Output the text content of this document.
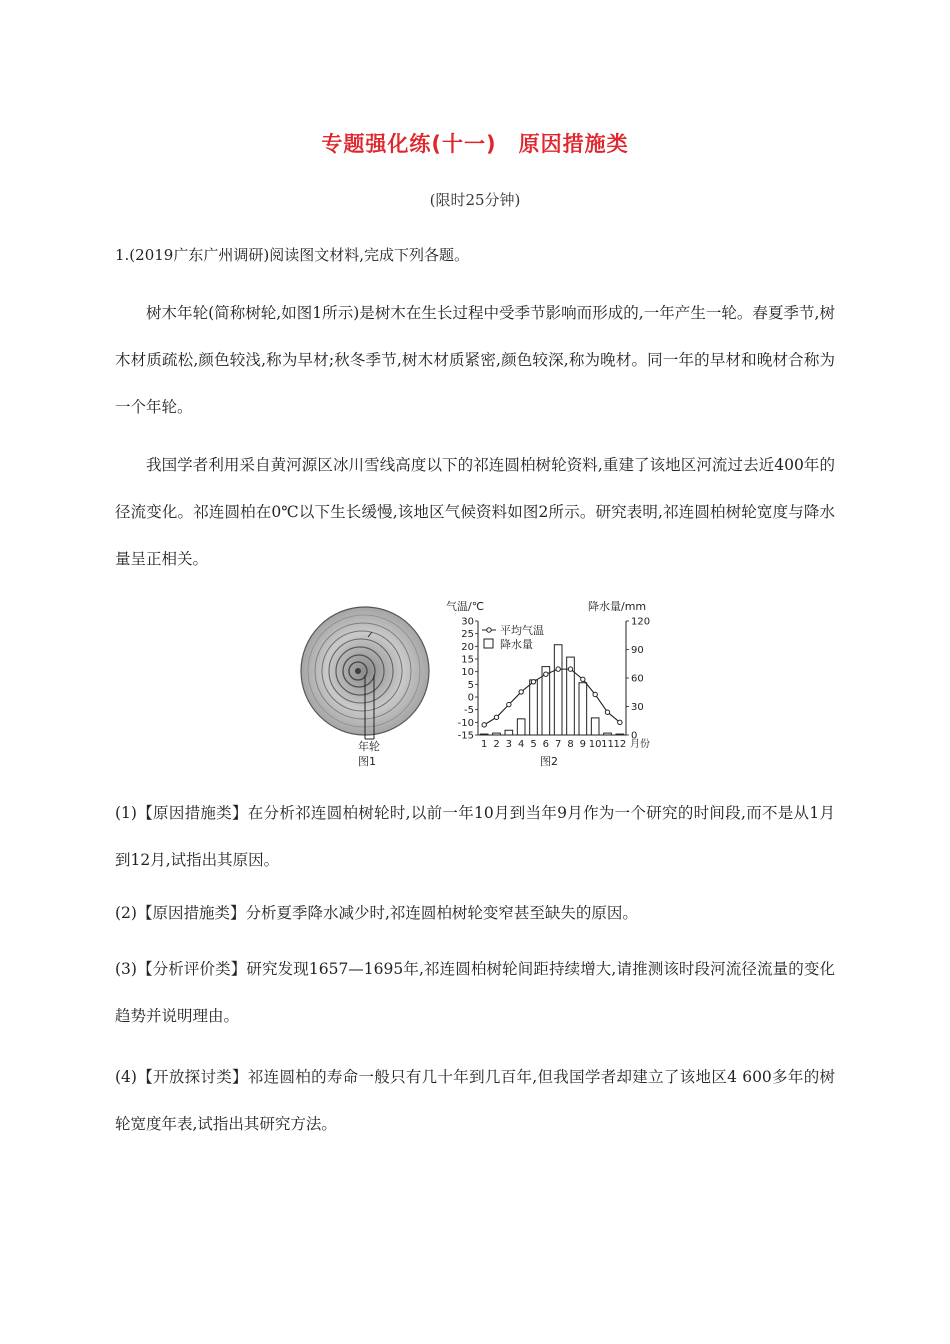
专题强化练(十一)　原因措施类
(限时25分钟)
1.(2019广东广州调研)阅读图文材料,完成下列各题。
树木年轮(简称树轮,如图1所示)是树木在生长过程中受季节影响而形成的,一年产生一轮。春夏季节,树木材质疏松,颜色较浅,称为早材;秋冬季节,树木材质紧密,颜色较深,称为晚材。同一年的早材和晚材合称为一个年轮。
我国学者利用采自黄河源区冰川雪线高度以下的祁连圆柏树轮资料,重建了该地区河流过去近400年的径流变化。祁连圆柏在0℃以下生长缓慢,该地区气候资料如图2所示。研究表明,祁连圆柏树轮宽度与降水量呈正相关。
年轮
图1
-15
-10
-5
0
5
10
15
20
25
30
0
30
60
90
120
气温/℃	降水量/mm
1 2 3 4 5 6 7 8 9 10 11 12 月份
平均气温
降水量
图2
(1)【原因措施类】在分析祁连圆柏树轮时,以前一年10月到当年9月作为一个研究的时间段,而不是从1月到12月,试指出其原因。
(2)【原因措施类】分析夏季降水减少时,祁连圆柏树轮变窄甚至缺失的原因。
(3)【分析评价类】研究发现1657—1695年,祁连圆柏树轮间距持续增大,请推测该时段河流径流量的变化趋势并说明理由。
(4)【开放探讨类】祁连圆柏的寿命一般只有几十年到几百年,但我国学者却建立了该地区4 600多年的树轮宽度年表,试指出其研究方法。
